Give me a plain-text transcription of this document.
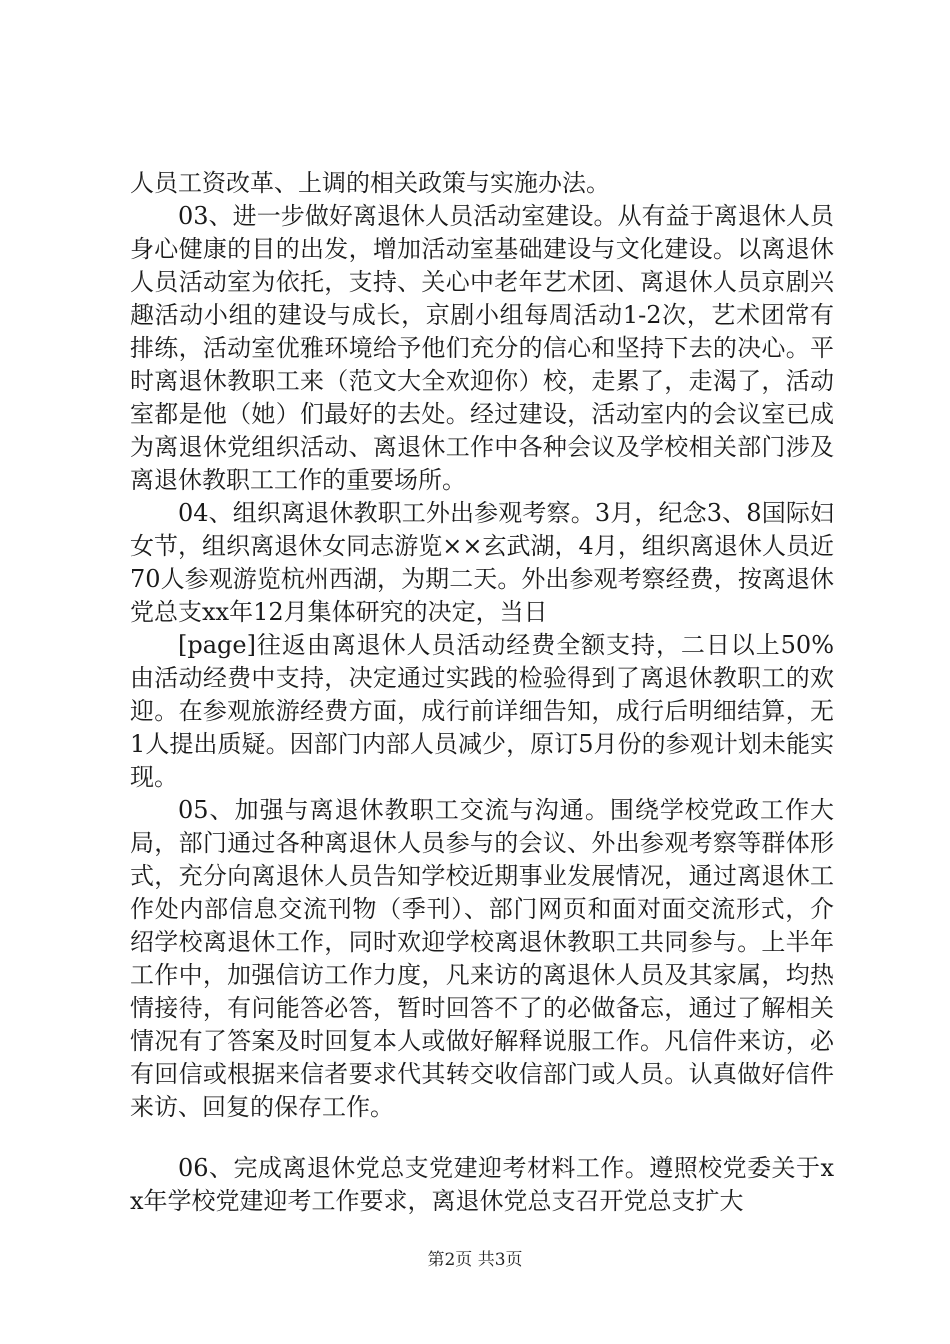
人员工资改革、上调的相关政策与实施办法。

03、进一步做好离退休人员活动室建设。从有益于离退休人员身心健康的目的出发，增加活动室基础建设与文化建设。以离退休人员活动室为依托，支持、关心中老年艺术团、离退休人员京剧兴趣活动小组的建设与成长，京剧小组每周活动1-2次，艺术团常有排练，活动室优雅环境给予他们充分的信心和坚持下去的决心。平时离退休教职工来（范文大全欢迎你）校，走累了，走渴了，活动室都是他（她）们最好的去处。经过建设，活动室内的会议室已成为离退休党组织活动、离退休工作中各种会议及学校相关部门涉及离退休教职工工作的重要场所。

04、组织离退休教职工外出参观考察。3月，纪念3、8国际妇女节，组织离退休女同志游览××玄武湖，4月，组织离退休人员近70人参观游览杭州西湖，为期二天。外出参观考察经费，按离退休党总支xx年12月集体研究的决定，当日

[page]往返由离退休人员活动经费全额支持，二日以上50%由活动经费中支持，决定通过实践的检验得到了离退休教职工的欢迎。在参观旅游经费方面，成行前详细告知，成行后明细结算，无1人提出质疑。因部门内部人员减少，原订5月份的参观计划未能实现。

05、加强与离退休教职工交流与沟通。围绕学校党政工作大局，部门通过各种离退休人员参与的会议、外出参观考察等群体形式，充分向离退休人员告知学校近期事业发展情况，通过离退休工作处内部信息交流刊物（季刊）、部门网页和面对面交流形式，介绍学校离退休工作，同时欢迎学校离退休教职工共同参与。上半年工作中，加强信访工作力度，凡来访的离退休人员及其家属，均热情接待，有问能答必答，暂时回答不了的必做备忘，通过了解相关情况有了答案及时回复本人或做好解释说服工作。凡信件来访，必有回信或根据来信者要求代其转交收信部门或人员。认真做好信件来访、回复的保存工作。

06、完成离退休党总支党建迎考材料工作。遵照校党委关于xx年学校党建迎考工作要求，离退休党总支召开党总支扩大

第2页 共3页
